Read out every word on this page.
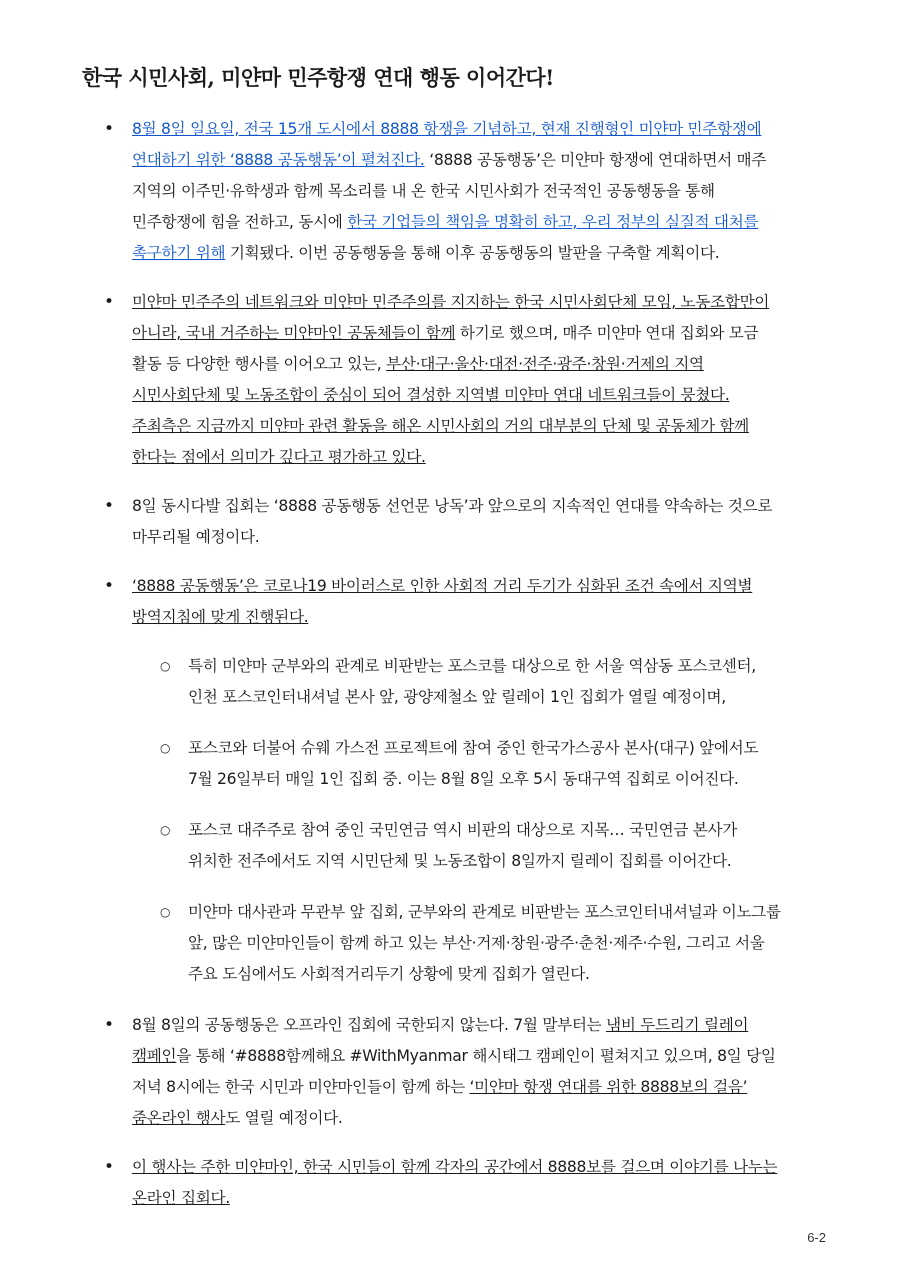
한국 시민사회, 미얀마 민주항쟁 연대 행동 이어간다!
• 8월 8일 일요일, 전국 15개 도시에서 8888 항쟁을 기념하고, 현재 진행형인 미얀마 민주항쟁에
연대하기 위한 ‘8888 공동행동’이 펼쳐진다. ‘8888 공동행동’은 미얀마 항쟁에 연대하면서 매주
지역의 이주민·유학생과 함께 목소리를 내 온 한국 시민사회가 전국적인 공동행동을 통해
민주항쟁에 힘을 전하고, 동시에 한국 기업들의 책임을 명확히 하고, 우리 정부의 실질적 대처를
촉구하기 위해 기획됐다. 이번 공동행동을 통해 이후 공동행동의 발판을 구축할 계획이다.
• 미얀마 민주주의 네트워크와 미얀마 민주주의를 지지하는 한국 시민사회단체 모임, 노동조합만이
아니라, 국내 거주하는 미얀마인 공동체들이 함께 하기로 했으며, 매주 미얀마 연대 집회와 모금
활동 등 다양한 행사를 이어오고 있는, 부산·대구·울산·대전·전주·광주·창원·거제의 지역
시민사회단체 및 노동조합이 중심이 되어 결성한 지역별 미얀마 연대 네트워크들이 뭉쳤다.
주최측은 지금까지 미얀마 관련 활동을 해온 시민사회의 거의 대부분의 단체 및 공동체가 함께
한다는 점에서 의미가 깊다고 평가하고 있다.
• 8일 동시다발 집회는 ‘8888 공동행동 선언문 낭독’과 앞으로의 지속적인 연대를 약속하는 것으로
마무리될 예정이다.
• ‘8888 공동행동’은 코로나19 바이러스로 인한 사회적 거리 두기가 심화된 조건 속에서 지역별
방역지침에 맞게 진행된다.
○ 특히 미얀마 군부와의 관계로 비판받는 포스코를 대상으로 한 서울 역삼동 포스코센터,
인천 포스코인터내셔널 본사 앞, 광양제철소 앞 릴레이 1인 집회가 열릴 예정이며,
○ 포스코와 더불어 슈웨 가스전 프로젝트에 참여 중인 한국가스공사 본사(대구) 앞에서도
7월 26일부터 매일 1인 집회 중. 이는 8월 8일 오후 5시 동대구역 집회로 이어진다.
○ 포스코 대주주로 참여 중인 국민연금 역시 비판의 대상으로 지목… 국민연금 본사가
위치한 전주에서도 지역 시민단체 및 노동조합이 8일까지 릴레이 집회를 이어간다.
○ 미얀마 대사관과 무관부 앞 집회, 군부와의 관계로 비판받는 포스코인터내셔널과 이노그룹
앞, 많은 미얀마인들이 함께 하고 있는 부산·거제·창원·광주·춘천·제주·수원, 그리고 서울
주요 도심에서도 사회적거리두기 상황에 맞게 집회가 열린다.
• 8월 8일의 공동행동은 오프라인 집회에 국한되지 않는다. 7월 말부터는 냄비 두드리기 릴레이
캠페인을 통해 ‘#8888함께해요 #WithMyanmar 해시태그 캠페인이 펼쳐지고 있으며, 8일 당일
저녁 8시에는 한국 시민과 미얀마인들이 함께 하는 ‘미얀마 항쟁 연대를 위한 8888보의 걸음’
줌온라인 행사도 열릴 예정이다.
• 이 행사는 주한 미얀마인, 한국 시민들이 함께 각자의 공간에서 8888보를 걸으며 이야기를 나누는
온라인 집회다.
6-2
